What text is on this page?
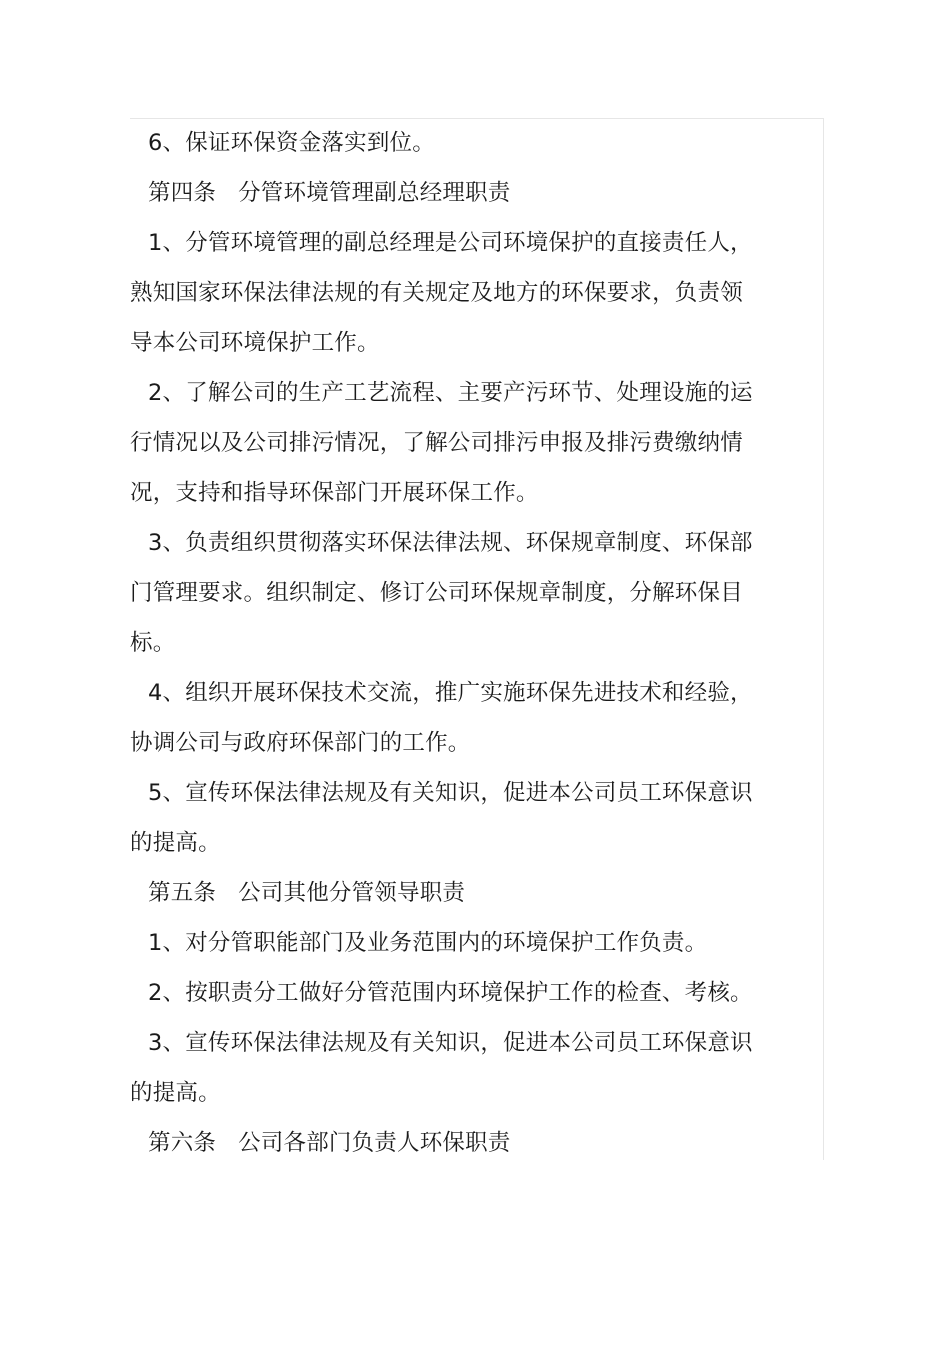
6、保证环保资金落实到位。
第四条 分管环境管理副总经理职责
1、分管环境管理的副总经理是公司环境保护的直接责任人，
熟知国家环保法律法规的有关规定及地方的环保要求，负责领
导本公司环境保护工作。
2、了解公司的生产工艺流程、主要产污环节、处理设施的运
行情况以及公司排污情况，了解公司排污申报及排污费缴纳情
况，支持和指导环保部门开展环保工作。
3、负责组织贯彻落实环保法律法规、环保规章制度、环保部
门管理要求。组织制定、修订公司环保规章制度，分解环保目
标。
4、组织开展环保技术交流，推广实施环保先进技术和经验，
协调公司与政府环保部门的工作。
5、宣传环保法律法规及有关知识，促进本公司员工环保意识
的提高。
第五条 公司其他分管领导职责
1、对分管职能部门及业务范围内的环境保护工作负责。
2、按职责分工做好分管范围内环境保护工作的检查、考核。
3、宣传环保法律法规及有关知识，促进本公司员工环保意识
的提高。
第六条 公司各部门负责人环保职责
